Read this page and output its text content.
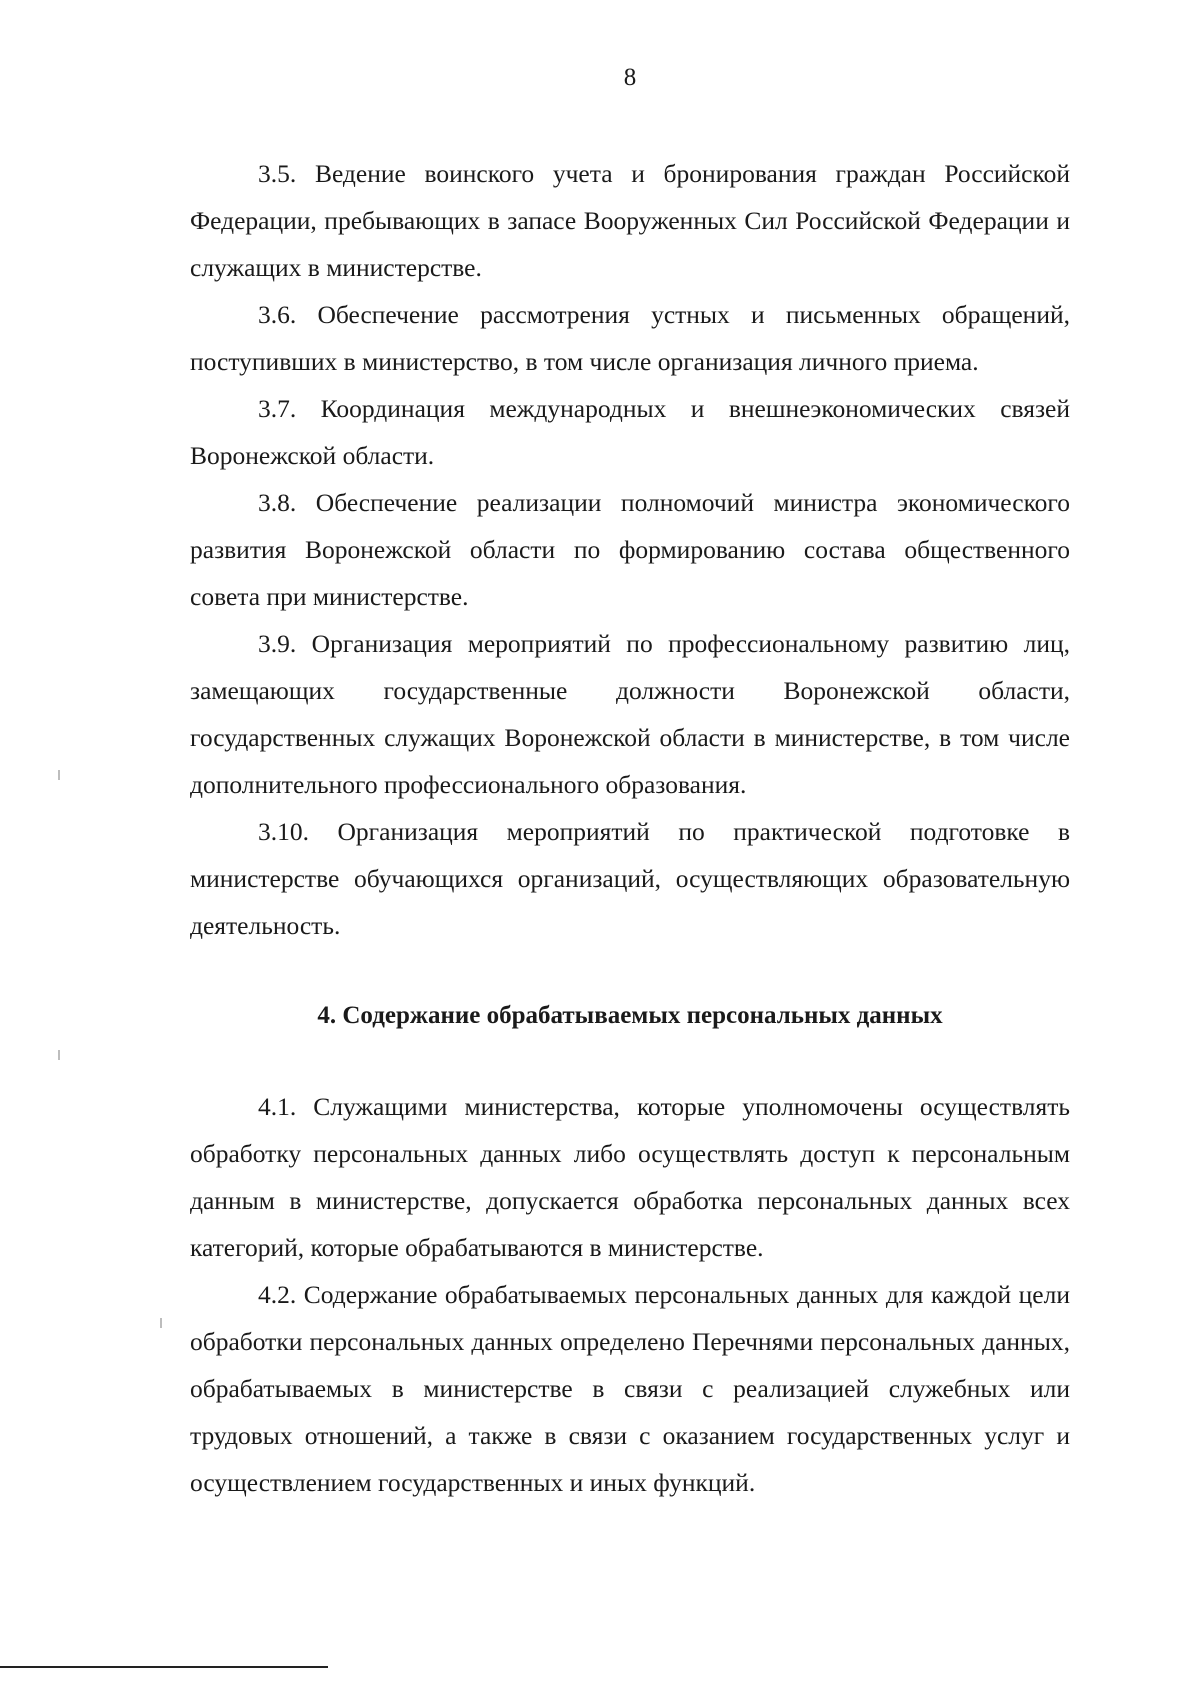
8

3.5. Ведение воинского учета и бронирования граждан Российской Федерации, пребывающих в запасе Вооруженных Сил Российской Федерации и служащих в министерстве.

3.6. Обеспечение рассмотрения устных и письменных обращений, поступивших в министерство, в том числе организация личного приема.

3.7. Координация международных и внешнеэкономических связей Воронежской области.

3.8. Обеспечение реализации полномочий министра экономического развития Воронежской области по формированию состава общественного совета при министерстве.

3.9. Организация мероприятий по профессиональному развитию лиц, замещающих государственные должности Воронежской области, государственных служащих Воронежской области в министерстве, в том числе дополнительного профессионального образования.

3.10. Организация мероприятий по практической подготовке в министерстве обучающихся организаций, осуществляющих образовательную деятельность.

4. Содержание обрабатываемых персональных данных

4.1. Служащими министерства, которые уполномочены осуществлять обработку персональных данных либо осуществлять доступ к персональным данным в министерстве, допускается обработка персональных данных всех категорий, которые обрабатываются в министерстве.

4.2. Содержание обрабатываемых персональных данных для каждой цели обработки персональных данных определено Перечнями персональных данных, обрабатываемых в министерстве в связи с реализацией служебных или трудовых отношений, а также в связи с оказанием государственных услуг и осуществлением государственных и иных функций.
